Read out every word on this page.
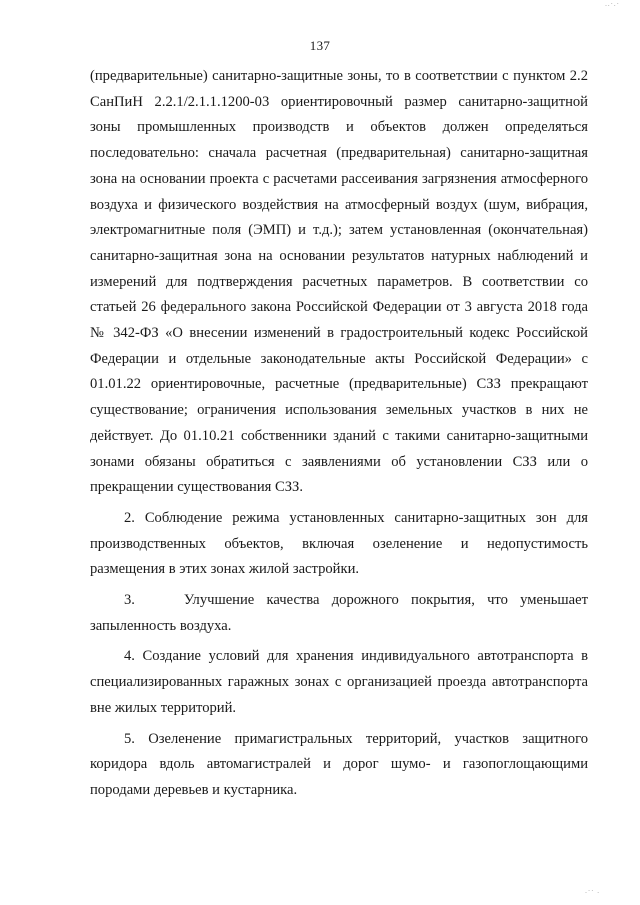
..·.·
137

(предварительные) санитарно-защитные зоны, то в соответствии с пунктом 2.2 СанПиН 2.2.1/2.1.1.1200-03 ориентировочный размер санитарно-защитной зоны промышленных производств и объектов должен определяться последовательно: сначала расчетная (предварительная) санитарно-защитная зона на основании проекта с расчетами рассеивания загрязнения атмосферного воздуха и физического воздействия на атмосферный воздух (шум, вибрация, электромагнитные поля (ЭМП) и т.д.); затем установленная (окончательная) санитарно-защитная зона на основании результатов натурных наблюдений и измерений для подтверждения расчетных параметров. В соответствии со статьей 26 федерального закона Российской Федерации от 3 августа 2018 года № 342-ФЗ «О внесении изменений в градостроительный кодекс Российской Федерации и отдельные законодательные акты Российской Федерации» с 01.01.22 ориентировочные, расчетные (предварительные) СЗЗ прекращают существование; ограничения использования земельных участков в них не действует. До 01.10.21 собственники зданий с такими санитарно-защитными зонами обязаны обратиться с заявлениями об установлении СЗЗ или о прекращении существования СЗЗ.

2. Соблюдение режима установленных санитарно-защитных зон для производственных объектов, включая озеленение и недопустимость размещения в этих зонах жилой застройки.

3.    Улучшение качества дорожного покрытия, что уменьшает запыленность воздуха.

4. Создание условий для хранения индивидуального автотранспорта в специализированных гаражных зонах с организацией проезда автотранспорта вне жилых территорий.

5. Озеленение примагистральных территорий, участков защитного коридора вдоль автомагистралей и дорог шумо- и газопоглощающими породами деревьев и кустарника.

.·· .
